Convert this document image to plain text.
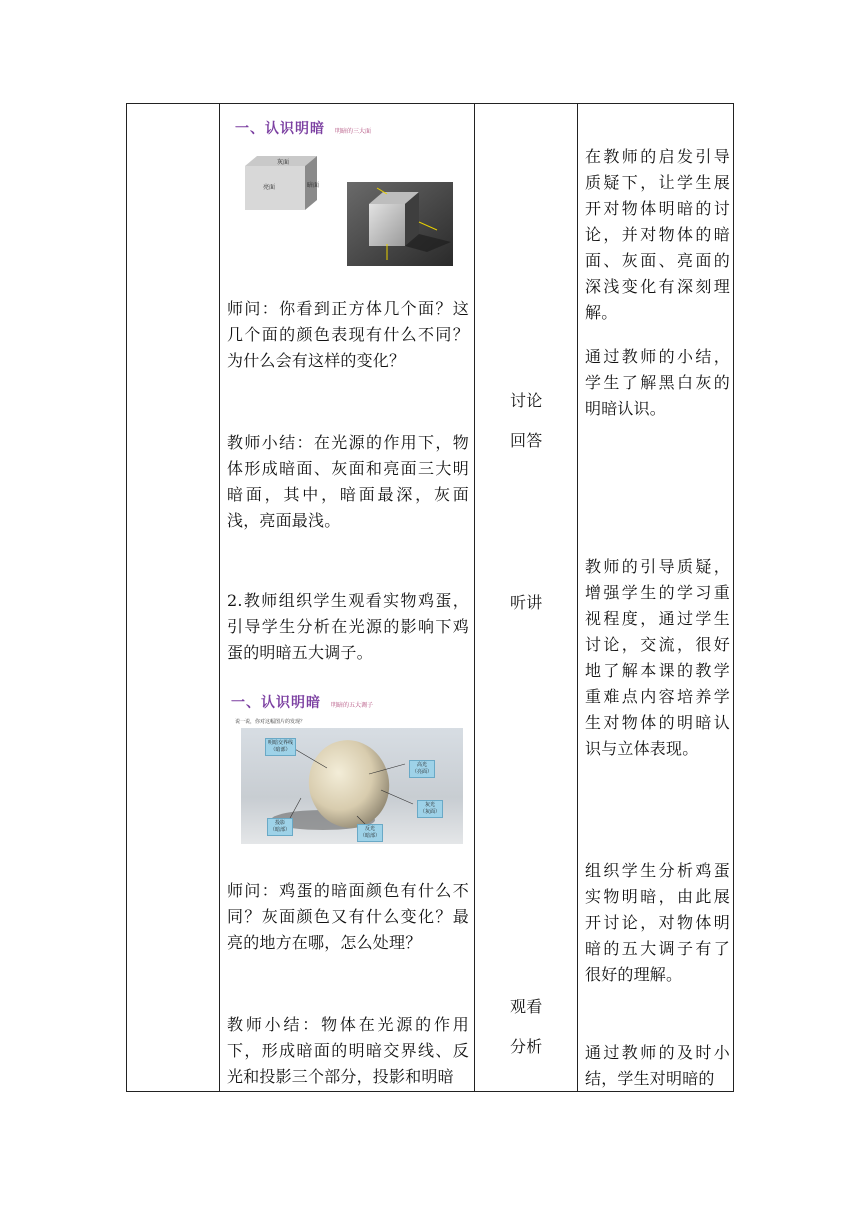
一、认识明暗 明暗的三大面
灰面
亮面	暗面
师问：你看到正方体几个面？这几个面的颜色表现有什么不同？为什么会有这样的变化？
教师小结：在光源的作用下，物体形成暗面、灰面和亮面三大明暗面，其中，暗面最深，灰面浅，亮面最浅。
2.教师组织学生观看实物鸡蛋，引导学生分析在光源的影响下鸡蛋的明暗五大调子。
一、认识明暗 明暗的五大调子
说一说，你对这幅图片的发现？
明暗交界线
（暗部）
高光
（亮面）
灰光
（灰面）
投影
（暗部）	反光
（暗部）
师问：鸡蛋的暗面颜色有什么不同？灰面颜色又有什么变化？最亮的地方在哪，怎么处理？
教师小结：物体在光源的作用下，形成暗面的明暗交界线、反光和投影三个部分，投影和明暗
讨论
回答
听讲
观看
分析
在教师的启发引导质疑下，让学生展开对物体明暗的讨论，并对物体的暗面、灰面、亮面的深浅变化有深刻理解。
通过教师的小结，学生了解黑白灰的明暗认识。
教师的引导质疑，增强学生的学习重视程度，通过学生讨论，交流，很好地了解本课的教学重难点内容培养学生对物体的明暗认识与立体表现。
组织学生分析鸡蛋实物明暗，由此展开讨论，对物体明暗的五大调子有了很好的理解。
通过教师的及时小结，学生对明暗的
